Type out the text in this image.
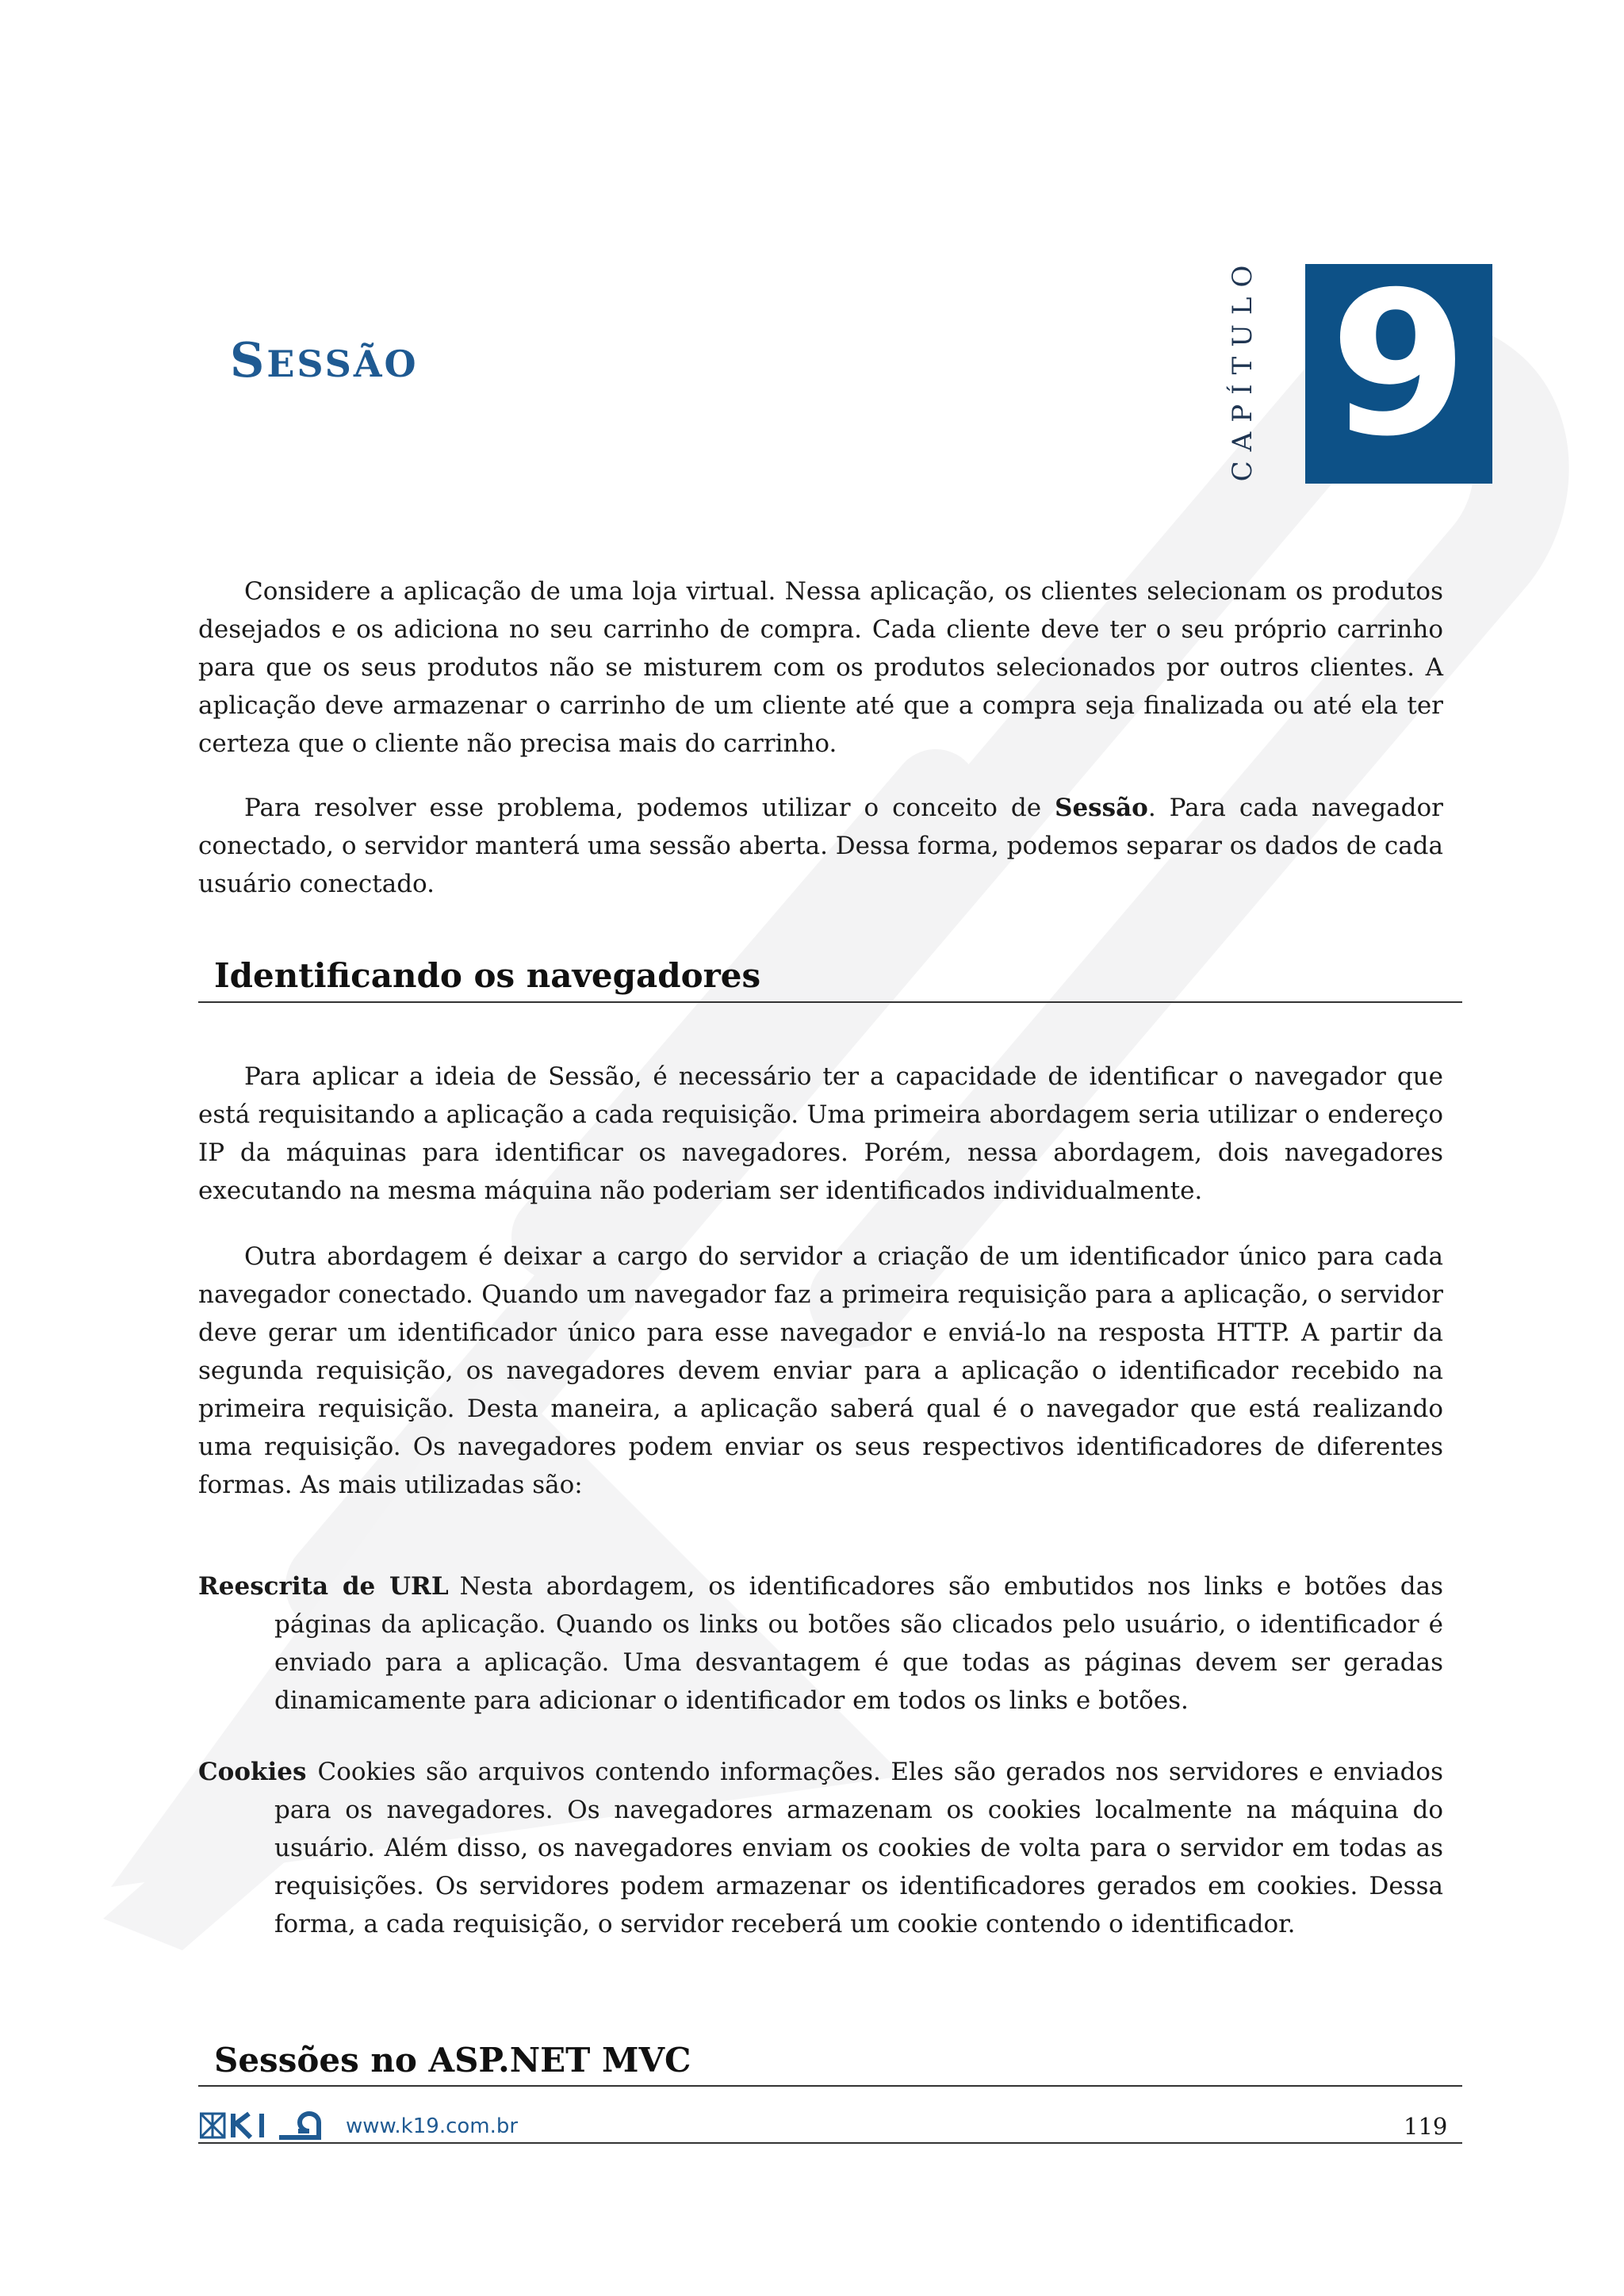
SESSÃO	CAPÍTULO 9

Considere a aplicação de uma loja virtual. Nessa aplicação, os clientes selecionam os produtos desejados e os adiciona no seu carrinho de compra. Cada cliente deve ter o seu próprio carrinho para que os seus produtos não se misturem com os produtos selecionados por outros clientes. A aplicação deve armazenar o carrinho de um cliente até que a compra seja finalizada ou até ela ter certeza que o cliente não precisa mais do carrinho.

Para resolver esse problema, podemos utilizar o conceito de Sessão. Para cada navegador conectado, o servidor manterá uma sessão aberta. Dessa forma, podemos separar os dados de cada usuário conectado.

Identificando os navegadores

Para aplicar a ideia de Sessão, é necessário ter a capacidade de identificar o navegador que está requisitando a aplicação a cada requisição. Uma primeira abordagem seria utilizar o endereço IP da máquinas para identificar os navegadores. Porém, nessa abordagem, dois navegadores executando na mesma máquina não poderiam ser identificados individualmente.

Outra abordagem é deixar a cargo do servidor a criação de um identificador único para cada navegador conectado. Quando um navegador faz a primeira requisição para a aplicação, o servidor deve gerar um identificador único para esse navegador e enviá-lo na resposta HTTP. A partir da segunda requisição, os navegadores devem enviar para a aplicação o identificador recebido na primeira requisição. Desta maneira, a aplicação saberá qual é o navegador que está realizando uma requisição. Os navegadores podem enviar os seus respectivos identificadores de diferentes formas. As mais utilizadas são:

Reescrita de URL Nesta abordagem, os identificadores são embutidos nos links e botões das páginas da aplicação. Quando os links ou botões são clicados pelo usuário, o identificador é enviado para a aplicação. Uma desvantagem é que todas as páginas devem ser geradas dinamicamente para adicionar o identificador em todos os links e botões.

Cookies Cookies são arquivos contendo informações. Eles são gerados nos servidores e enviados para os navegadores. Os navegadores armazenam os cookies localmente na máquina do usuário. Além disso, os navegadores enviam os cookies de volta para o servidor em todas as requisições. Os servidores podem armazenar os identificadores gerados em cookies. Dessa forma, a cada requisição, o servidor receberá um cookie contendo o identificador.

Sessões no ASP.NET MVC
www.k19.com.br	119
